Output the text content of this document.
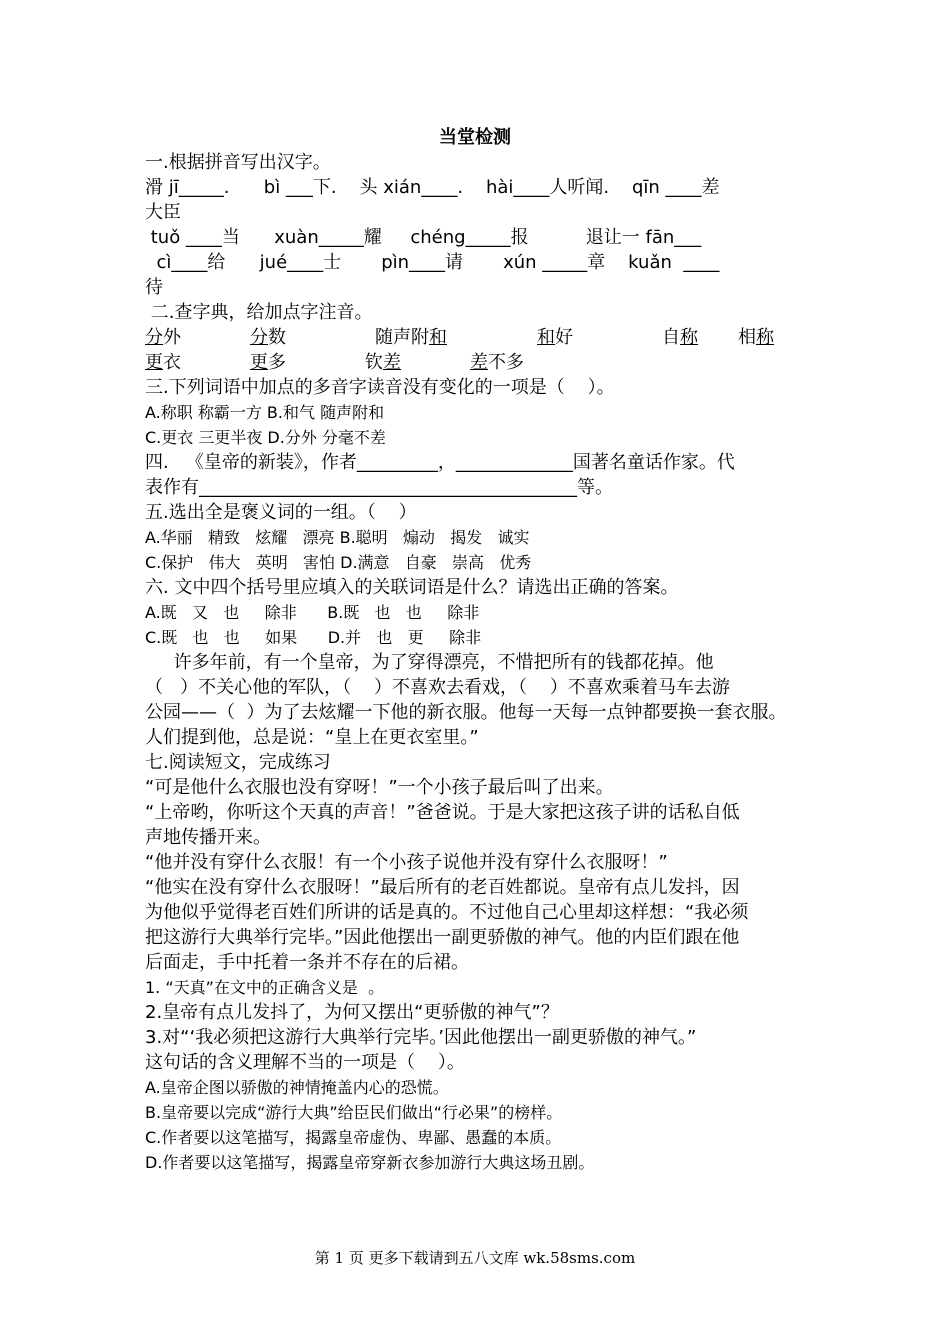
当堂检测
一.根据拼音写出汉字。
滑 jī_____.      bì ___下.    头 xián____.    hài____人听闻.    qīn ____差
大臣
tuǒ ____当      xuàn_____耀     chéng_____报          退让一 fān___
cì____给      jué____士       pìn____请       xún _____章    kuǎn  ____
待
二.查字典，给加点字注音。
分外	分数	随声附和	和好	自称 相称
更衣	更多	钦差	差不多
三.下列词语中加点的多音字读音没有变化的一项是（    ）。
A.称职 称霸一方 B.和气 随声附和
C.更衣 三更半夜 D.分外 分毫不差
四.   《皇帝的新装》，作者_________，_____________国著名童话作家。代
表作有__________________________________________等。
五.选出全是褒义词的一组。（    ）
A.华丽   精致   炫耀   漂亮 B.聪明   煽动   揭发   诚实
C.保护   伟大   英明   害怕 D.满意   自豪   崇高   优秀
六. 文中四个括号里应填入的关联词语是什么？请选出正确的答案。
A.既   又   也     除非      B.既   也   也     除非
C.既   也   也     如果      D.并   也   更     除非
许多年前，有一个皇帝，为了穿得漂亮，不惜把所有的钱都花掉。他
（   ）不关心他的军队，（    ）不喜欢去看戏，（    ）不喜欢乘着马车去游
公园——（  ）为了去炫耀一下他的新衣服。他每一天每一点钟都要换一套衣服。
人们提到他，总是说：“皇上在更衣室里。”
七.阅读短文，完成练习
“可是他什么衣服也没有穿呀！”一个小孩子最后叫了出来。
“上帝哟，你听这个天真的声音！”爸爸说。于是大家把这孩子讲的话私自低
声地传播开来。
“他并没有穿什么衣服！有一个小孩子说他并没有穿什么衣服呀！”
“他实在没有穿什么衣服呀！”最后所有的老百姓都说。皇帝有点儿发抖，因
为他似乎觉得老百姓们所讲的话是真的。不过他自己心里却这样想：“我必须
把这游行大典举行完毕。”因此他摆出一副更骄傲的神气。他的内臣们跟在他
后面走，手中托着一条并不存在的后裙。
1. “天真”在文中的正确含义是  。
2.皇帝有点儿发抖了，为何又摆出“更骄傲的神气”？
3.对“‘我必须把这游行大典举行完毕。’因此他摆出一副更骄傲的神气。”
这句话的含义理解不当的一项是（    ）。
A.皇帝企图以骄傲的神情掩盖内心的恐慌。
B.皇帝要以完成“游行大典”给臣民们做出“行必果”的榜样。
C.作者要以这笔描写，揭露皇帝虚伪、卑鄙、愚蠢的本质。
D.作者要以这笔描写，揭露皇帝穿新衣参加游行大典这场丑剧。
第 1 页 更多下载请到五八文库 wk.58sms.com
